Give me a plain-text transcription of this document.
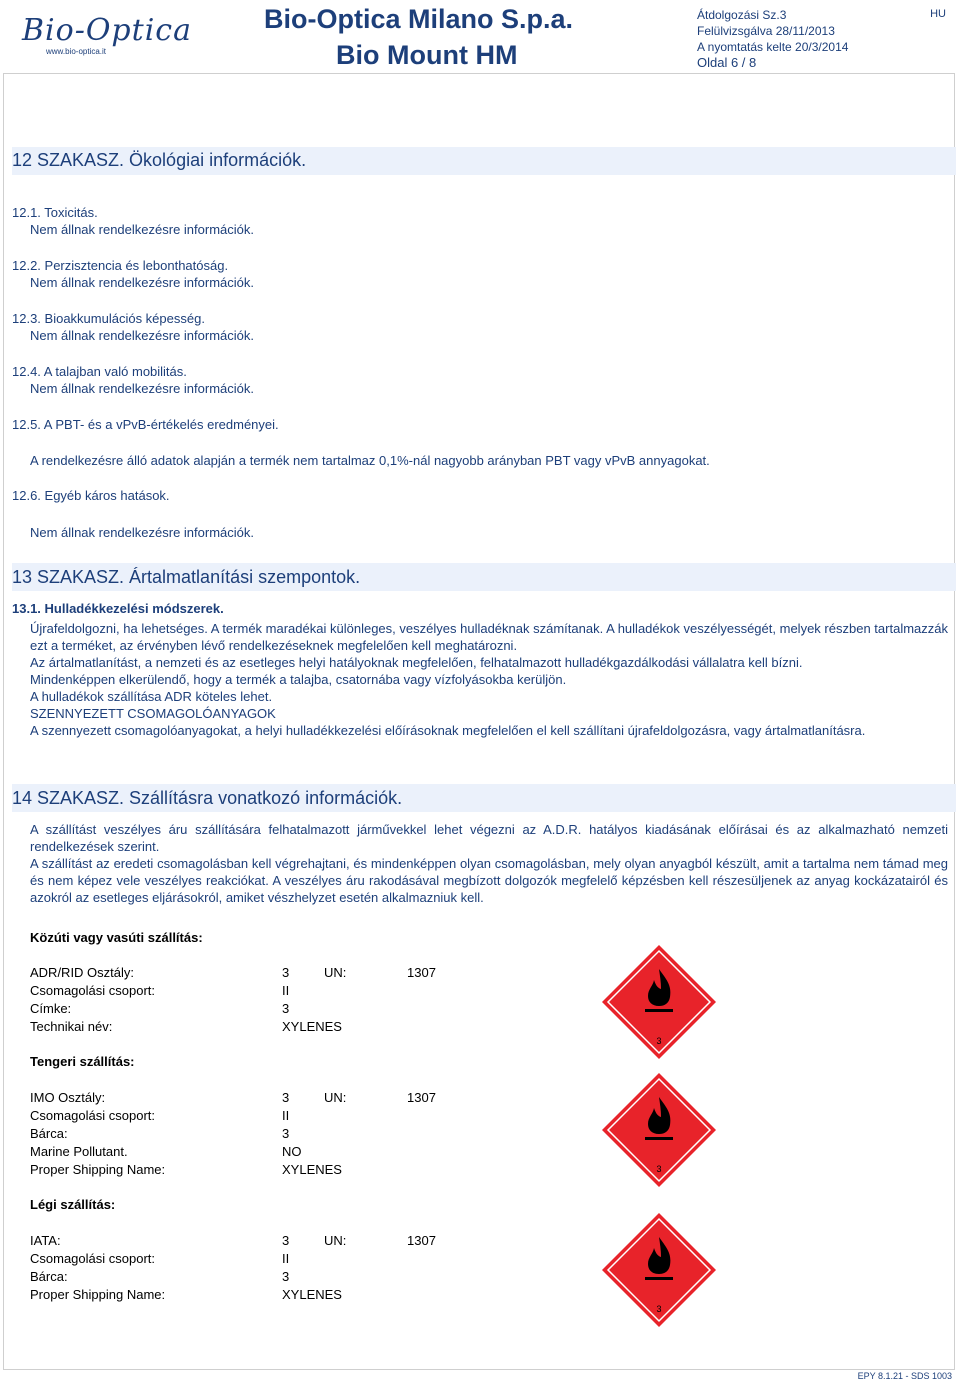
Bio-Optica
www.bio-optica.it
Bio-Optica Milano S.p.a.
Bio Mount HM
Átdolgozási Sz.3
Felülvizsgálva 28/11/2013
A nyomtatás kelte 20/3/2014
Oldal 6 / 8
HU
12 SZAKASZ. Ökológiai információk.
12.1. Toxicitás.
Nem állnak rendelkezésre információk.
12.2. Perzisztencia és lebonthatóság.
Nem állnak rendelkezésre információk.
12.3. Bioakkumulációs képesség.
Nem állnak rendelkezésre információk.
12.4. A talajban való mobilitás.
Nem állnak rendelkezésre információk.
12.5. A PBT- és a vPvB-értékelés eredményei.
A rendelkezésre álló adatok alapján a termék nem tartalmaz 0,1%-nál nagyobb arányban PBT vagy vPvB annyagokat.
12.6. Egyéb káros hatások.
Nem állnak rendelkezésre információk.
13 SZAKASZ. Ártalmatlanítási szempontok.
13.1. Hulladékkezelési módszerek.

Újrafeldolgozni, ha lehetséges. A termék maradékai különleges, veszélyes hulladéknak számítanak. A hulladékok veszélyességét, melyek részben tartalmazzák ezt a terméket, az érvényben lévő rendelkezéseknek megfelelően kell meghatározni.

Az ártalmatlanítást, a nemzeti és az esetleges helyi hatályoknak megfelelően, felhatalmazott hulladékgazdálkodási vállalatra kell bízni.

Mindenképpen elkerülendő, hogy a termék a talajba, csatornába vagy vízfolyásokba kerüljön.

A hulladékok szállítása ADR köteles lehet.

SZENNYEZETT CSOMAGOLÓANYAGOK

A szennyezett csomagolóanyagokat, a helyi hulladékkezelési előírásoknak megfelelően el kell szállítani újrafeldolgozásra, vagy ártalmatlanításra.

14 SZAKASZ. Szállításra vonatkozó információk.

A szállítást veszélyes áru szállítására felhatalmazott járművekkel lehet végezni az A.D.R. hatályos kiadásának előírásai és az alkalmazható nemzeti rendelkezések szerint.

A szállítást az eredeti csomagolásban kell végrehajtani, és mindenképpen olyan csomagolásban, mely olyan anyagból készült, amit a tartalma nem támad meg és nem képez vele veszélyes reakciókat. A veszélyes áru rakodásával megbízott dolgozók megfelelő képzésben kell részesüljenek az anyag kockázatairól és azokról az esetleges eljárásokról, amiket vészhelyzet esetén alkalmazniuk kell.

Közúti vagy vasúti szállítás:
ADR/RID Osztály:	3	UN:	1307
Csomagolási csoport:	II
Címke:	3
Technikai név:	XYLENES
Tengeri szállítás:
IMO Osztály:	3	UN:	1307
Csomagolási csoport:	II
Bárca:	3
Marine Pollutant.	NO
Proper Shipping Name:	XYLENES
Légi szállítás:
IATA:	3	UN:	1307
Csomagolási csoport:	II
Bárca:	3
Proper Shipping Name:	XYLENES
3
3
3
EPY 8.1.21 - SDS 1003
